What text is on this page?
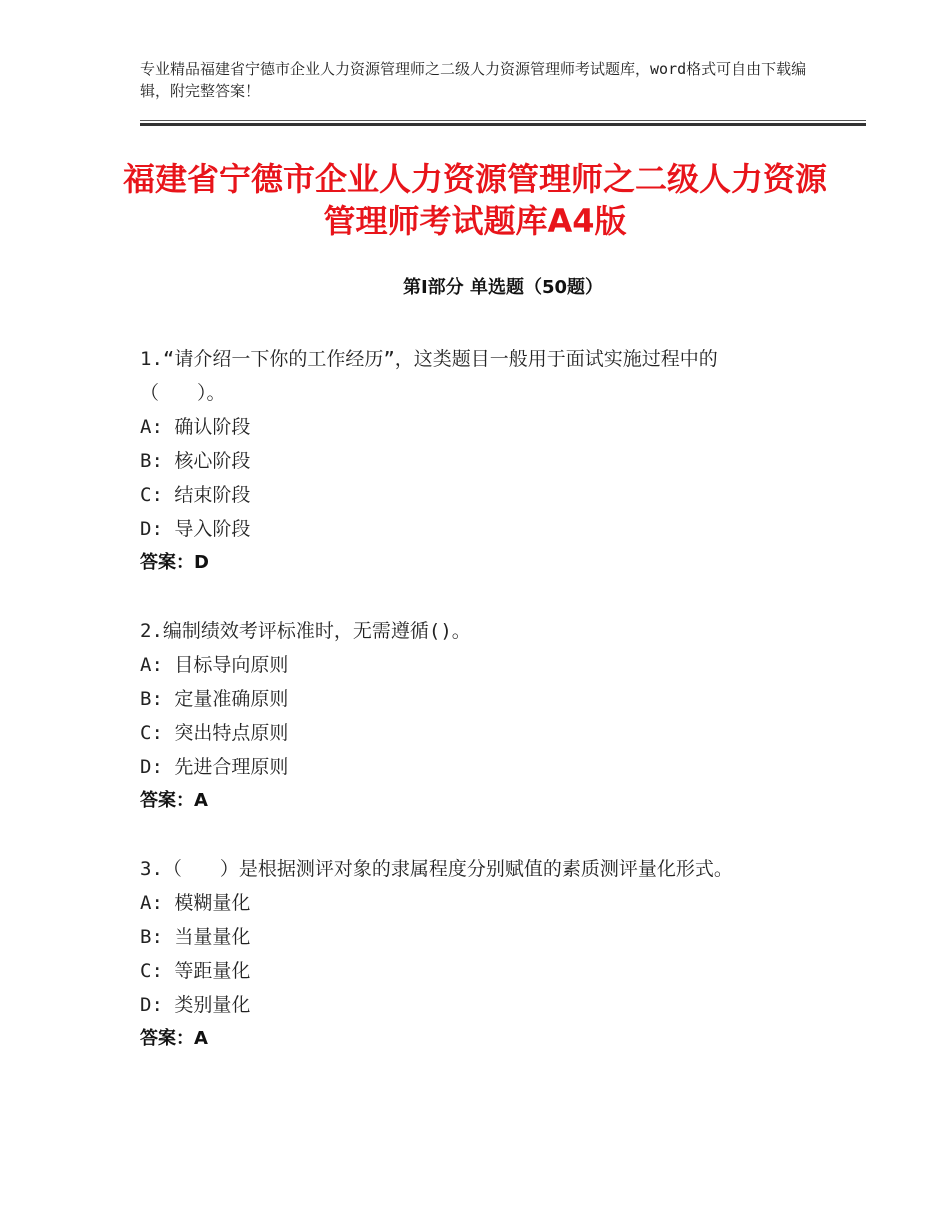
专业精品福建省宁德市企业人力资源管理师之二级人力资源管理师考试题库，word格式可自由下载编辑，附完整答案！
福建省宁德市企业人力资源管理师之二级人力资源管理师考试题库A4版
第Ⅰ部分 单选题（50题）
1.“请介绍一下你的工作经历”，这类题目一般用于面试实施过程中的（　　）。
A: 确认阶段
B: 核心阶段
C: 结束阶段
D: 导入阶段
答案：D
2.编制绩效考评标准时，无需遵循()。
A: 目标导向原则
B: 定量准确原则
C: 突出特点原则
D: 先进合理原则
答案：A
3.（　　）是根据测评对象的隶属程度分别赋值的素质测评量化形式。
A: 模糊量化
B: 当量量化
C: 等距量化
D: 类别量化
答案：A
